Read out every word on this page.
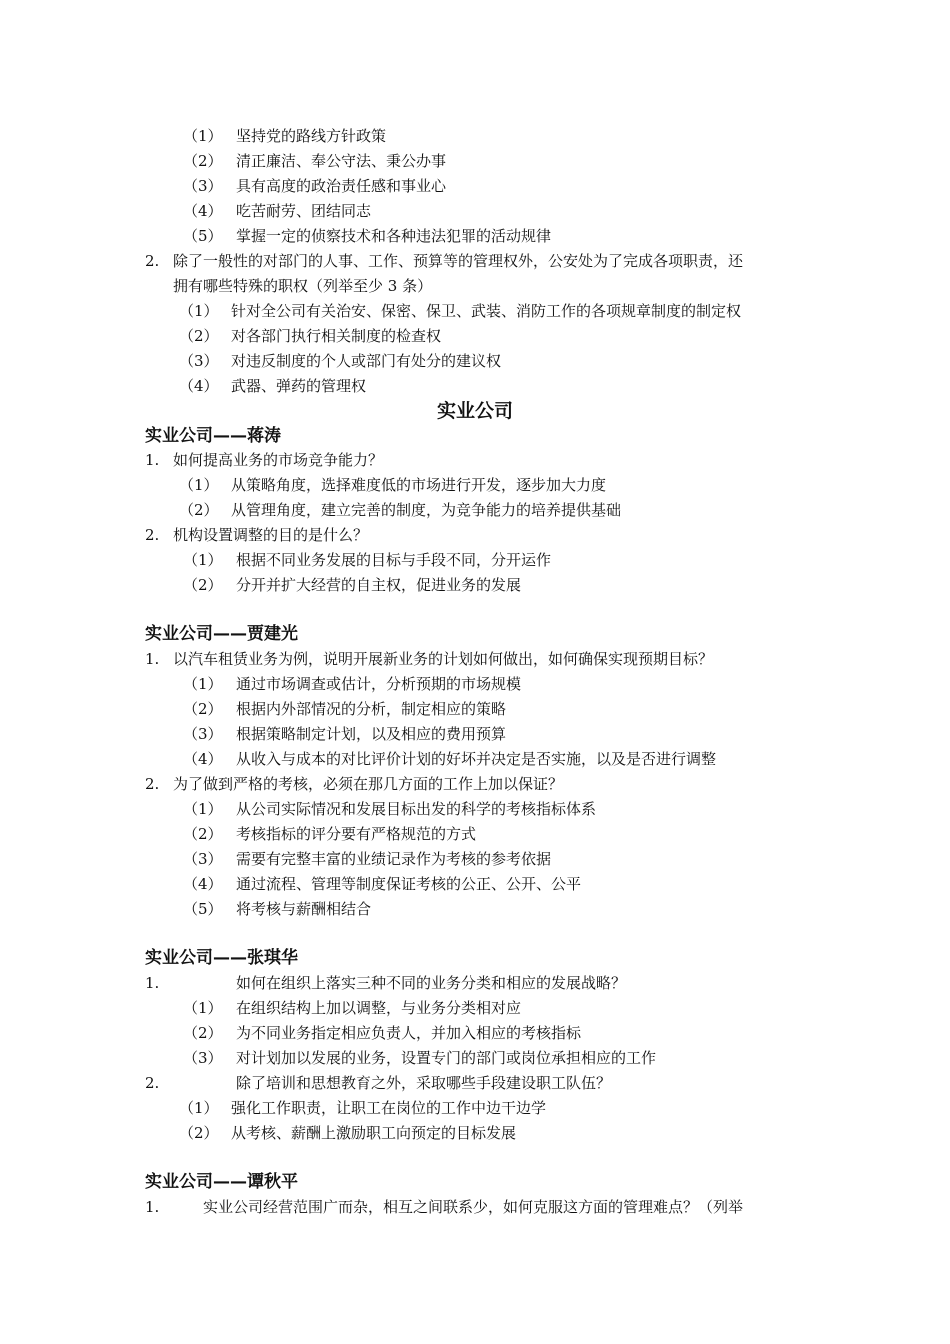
（1） 坚持党的路线方针政策
（2） 清正廉洁、奉公守法、秉公办事
（3） 具有高度的政治责任感和事业心
（4） 吃苦耐劳、团结同志
（5） 掌握一定的侦察技术和各种违法犯罪的活动规律
2. 除了一般性的对部门的人事、工作、预算等的管理权外，公安处为了完成各项职责，还
拥有哪些特殊的职权（列举至少 3 条）
（1） 针对全公司有关治安、保密、保卫、武装、消防工作的各项规章制度的制定权
（2） 对各部门执行相关制度的检查权
（3） 对违反制度的个人或部门有处分的建议权
（4） 武器、弹药的管理权
实业公司
实业公司——蒋涛
1. 如何提高业务的市场竞争能力？
（1） 从策略角度，选择难度低的市场进行开发，逐步加大力度
（2） 从管理角度，建立完善的制度，为竞争能力的培养提供基础
2. 机构设置调整的目的是什么？
（1） 根据不同业务发展的目标与手段不同，分开运作
（2） 分开并扩大经营的自主权，促进业务的发展
实业公司——贾建光
1. 以汽车租赁业务为例，说明开展新业务的计划如何做出，如何确保实现预期目标？
（1） 通过市场调查或估计，分析预期的市场规模
（2） 根据内外部情况的分析，制定相应的策略
（3） 根据策略制定计划，以及相应的费用预算
（4） 从收入与成本的对比评价计划的好坏并决定是否实施，以及是否进行调整
2. 为了做到严格的考核，必须在那几方面的工作上加以保证？
（1） 从公司实际情况和发展目标出发的科学的考核指标体系
（2） 考核指标的评分要有严格规范的方式
（3） 需要有完整丰富的业绩记录作为考核的参考依据
（4） 通过流程、管理等制度保证考核的公正、公开、公平
（5） 将考核与薪酬相结合
实业公司——张琪华
1.	如何在组织上落实三种不同的业务分类和相应的发展战略？
（1） 在组织结构上加以调整，与业务分类相对应
（2） 为不同业务指定相应负责人，并加入相应的考核指标
（3） 对计划加以发展的业务，设置专门的部门或岗位承担相应的工作
2.	除了培训和思想教育之外，采取哪些手段建设职工队伍？
（1） 强化工作职责，让职工在岗位的工作中边干边学
（2） 从考核、薪酬上激励职工向预定的目标发展
实业公司——谭秋平
1.	实业公司经营范围广而杂，相互之间联系少，如何克服这方面的管理难点？（列举
